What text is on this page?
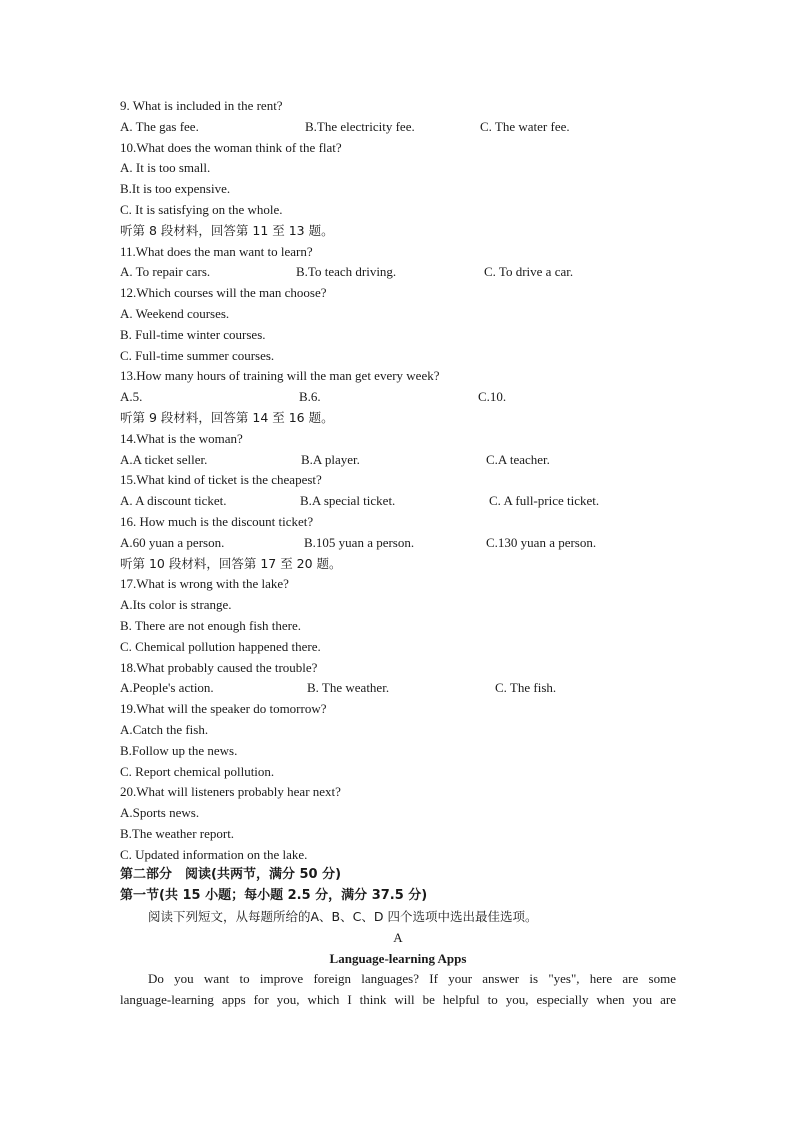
9. What is included in the rent?
A. The gas fee.	B.The electricity fee.	C. The water fee.
10.What does the woman think of the flat?
A. It is too small.
B.It is too expensive.
C. It is satisfying on the whole.
听第 8 段材料，回答第 11 至 13 题。
11.What does the man want to learn?
A. To repair cars.	B.To teach driving.	C. To drive a car.
12.Which courses will the man choose?
A. Weekend courses.
B. Full-time winter courses.
C. Full-time summer courses.
13.How many hours of training will the man get every week?
A.5.	B.6.	C.10.
听第 9 段材料，回答第 14 至 16 题。
14.What is the woman?
A.A ticket seller.	B.A player.	C.A teacher.
15.What kind of ticket is the cheapest?
A. A discount ticket.	B.A special ticket.	C. A full-price ticket.
16. How much is the discount ticket?
A.60 yuan a person.	B.105 yuan a person.	C.130 yuan a person.
听第 10 段材料，回答第 17 至 20 题。
17.What is wrong with the lake?
A.Its color is strange.
B. There are not enough fish there.
C. Chemical pollution happened there.
18.What probably caused the trouble?
A.People's action.	B. The weather.	C. The fish.
19.What will the speaker do tomorrow?
A.Catch the fish.
B.Follow up the news.
C. Report chemical pollution.
20.What will listeners probably hear next?
A.Sports news.
B.The weather report.
C. Updated information on the lake.
第二部分　阅读(共两节，满分 50 分)
第一节(共 15 小题；每小题 2.5 分，满分 37.5 分)
阅读下列短文，从每题所给的A、B、C、D 四个选项中选出最佳选项。
A
Language-learning Apps
Do you want to improve foreign languages? If your answer is "yes", here are some
language-learning apps for you, which I think will be helpful to you, especially when you are
